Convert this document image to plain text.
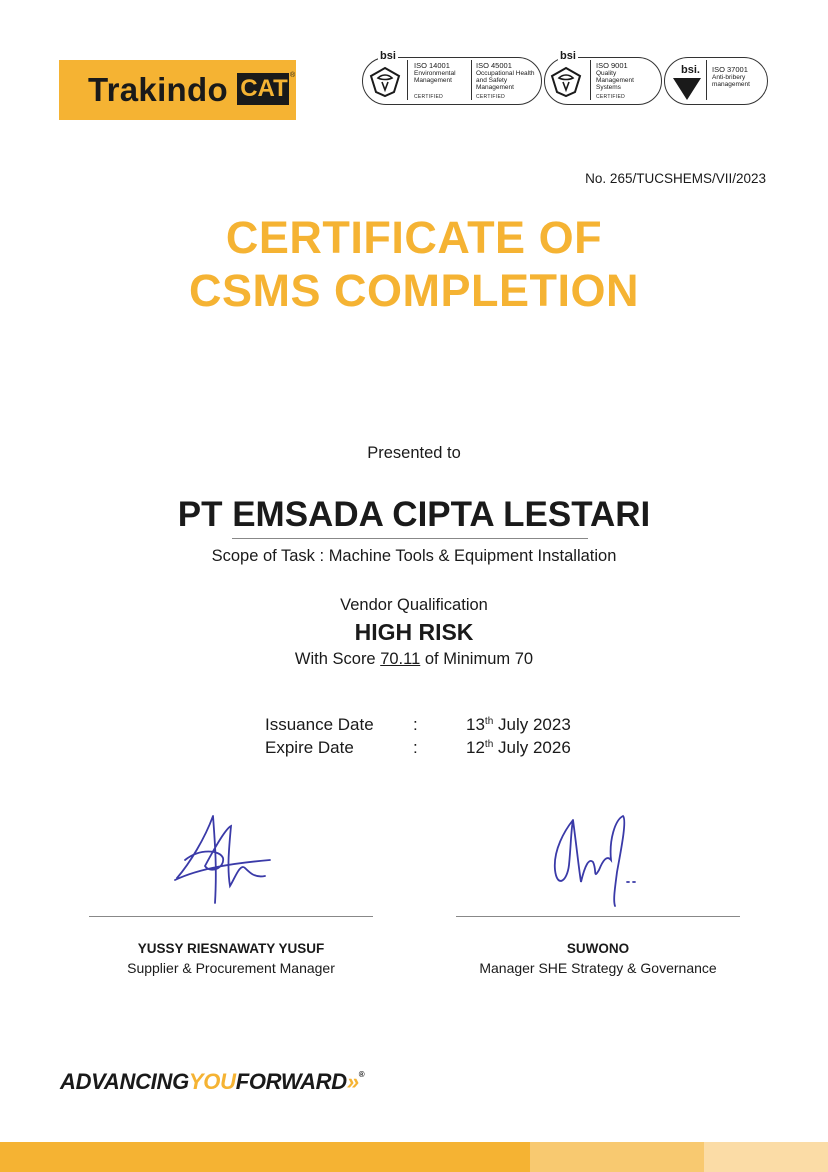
Trakindo CAT ®
bsi
ISO 14001
Environmental Management
CERTIFIED
ISO 45001
Occupational Health and Safety Management
CERTIFIED
bsi
ISO 9001
Quality Management Systems
CERTIFIED
bsi. ISO 37001
Anti-bribery management
No. 265/TUCSHEMS/VII/2023
CERTIFICATE OF
CSMS COMPLETION
Presented to
PT EMSADA CIPTA LESTARI
Scope of Task : Machine Tools & Equipment Installation
Vendor Qualification
HIGH RISK
With Score 70.11 of Minimum 70
Issuance Date :	13th July 2023
Expire Date	:	12th July 2026
YUSSY RIESNAWATY YUSUF
Supplier & Procurement Manager
SUWONO
Manager SHE Strategy & Governance
ADVANCINGYOUFORWARD»®
